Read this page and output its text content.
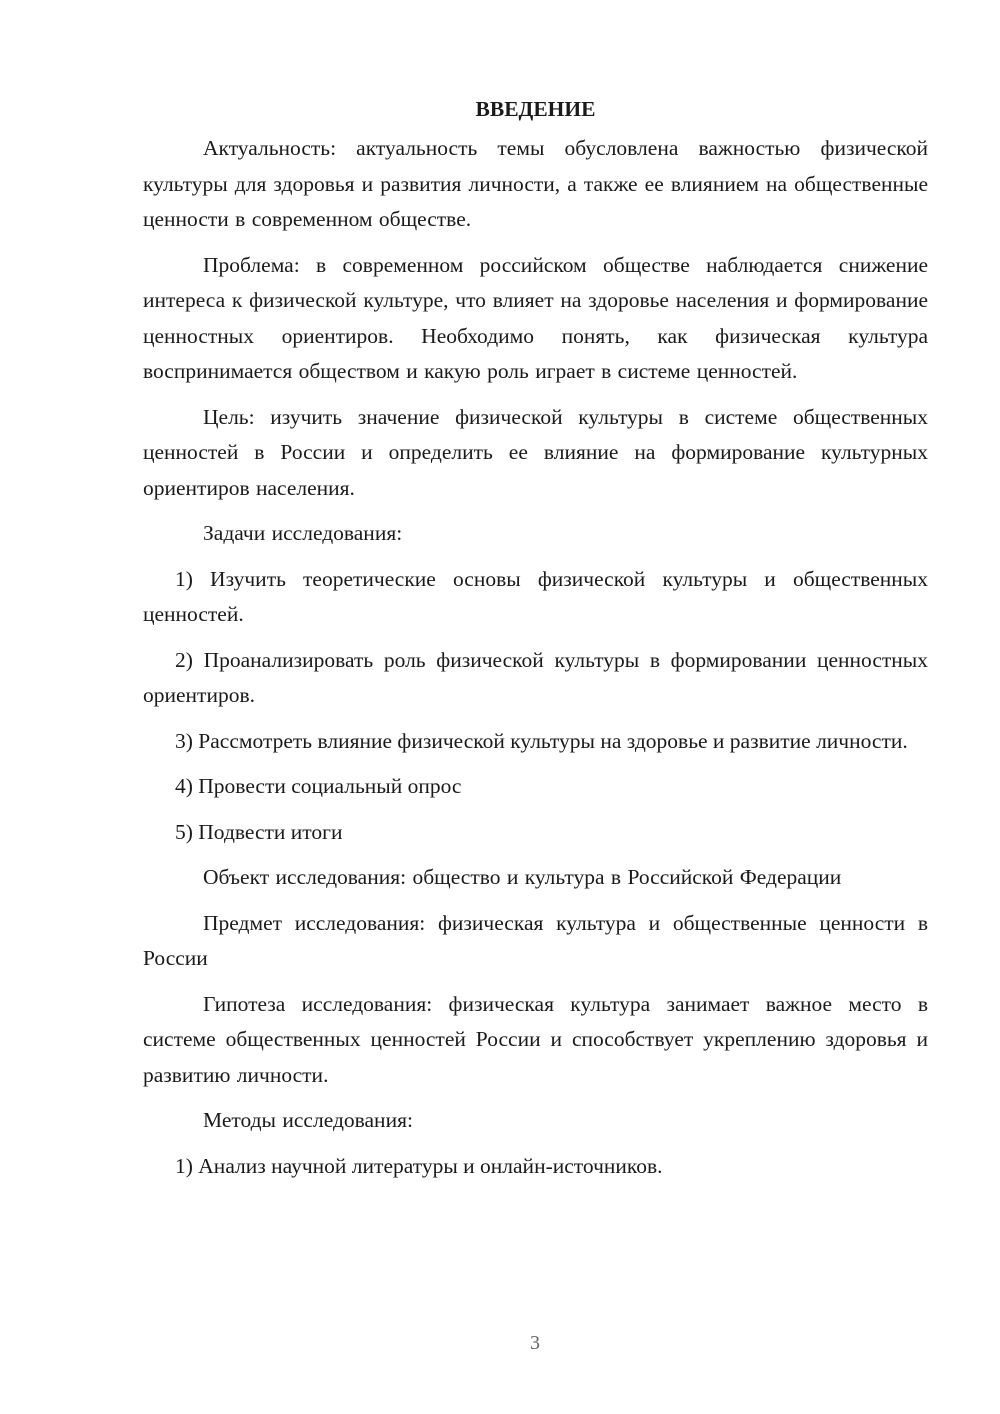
ВВЕДЕНИЕ

Актуальность: актуальность темы обусловлена важностью физической культуры для здоровья и развития личности, а также ее влиянием на общественные ценности в современном обществе.

Проблема: в современном российском обществе наблюдается снижение интереса к физической культуре, что влияет на здоровье населения и формирование ценностных ориентиров. Необходимо понять, как физическая культура воспринимается обществом и какую роль играет в системе ценностей.

Цель: изучить значение физической культуры в системе общественных ценностей в России и определить ее влияние на формирование культурных ориентиров населения.

Задачи исследования:

1) Изучить теоретические основы физической культуры и общественных ценностей.

2) Проанализировать роль физической культуры в формировании ценностных ориентиров.

3) Рассмотреть влияние физической культуры на здоровье и развитие личности.

4) Провести социальный опрос

5) Подвести итоги

Объект исследования: общество и культура в Российской Федерации

Предмет исследования: физическая культура и общественные ценности в России

Гипотеза исследования: физическая культура занимает важное место в системе общественных ценностей России и способствует укреплению здоровья и развитию личности.

Методы исследования:

1) Анализ научной литературы и онлайн-источников.

3
